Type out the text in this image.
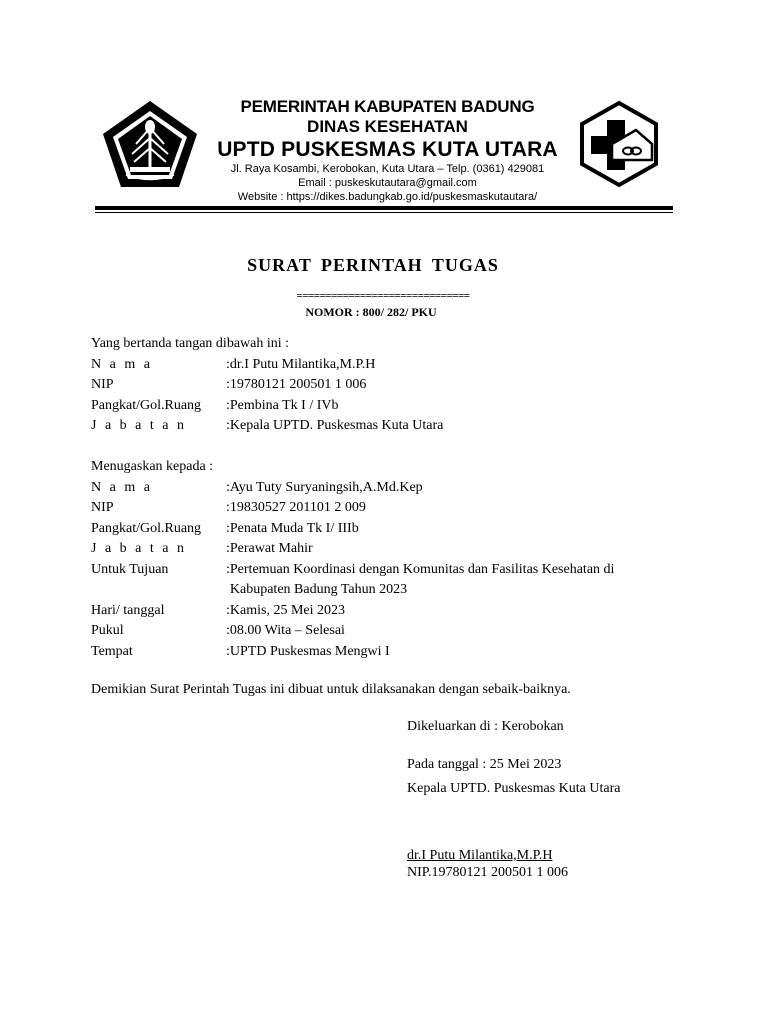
PEMERINTAH KABUPATEN BADUNG
DINAS KESEHATAN
UPTD PUSKESMAS KUTA UTARA
Jl. Raya Kosambi, Kerobokan, Kuta Utara – Telp. (0361) 429081
Email : puskeskutautara@gmail.com
Website : https://dikes.badungkab.go.id/puskesmaskutautara/
SURAT PERINTAH TUGAS
==============================
NOMOR : 800/ 282/ PKU
Yang bertanda tangan dibawah ini :
N a m a	: dr.I Putu Milantika,M.P.H
NIP	: 19780121 200501 1 006
Pangkat/Gol.Ruang	: Pembina Tk I / IVb
J a b a t a n	: Kepala UPTD. Puskesmas Kuta Utara
Menugaskan kepada :
N a m a	: Ayu Tuty Suryaningsih,A.Md.Kep
NIP	: 19830527 201101 2 009
Pangkat/Gol.Ruang	: Penata Muda Tk I/ IIIb
J a b a t a n	: Perawat Mahir
Untuk Tujuan	: Pertemuan Koordinasi dengan Komunitas dan Fasilitas Kesehatan di Kabupaten Badung Tahun 2023
Hari/ tanggal	: Kamis, 25 Mei 2023
Pukul	: 08.00 Wita – Selesai
Tempat	: UPTD Puskesmas Mengwi I
Demikian Surat Perintah Tugas ini dibuat untuk dilaksanakan dengan sebaik-baiknya.
Dikeluarkan di : Kerobokan
Pada tanggal : 25 Mei 2023
Kepala UPTD. Puskesmas Kuta Utara
dr.I Putu Milantika,M.P.H
NIP.19780121 200501 1 006
